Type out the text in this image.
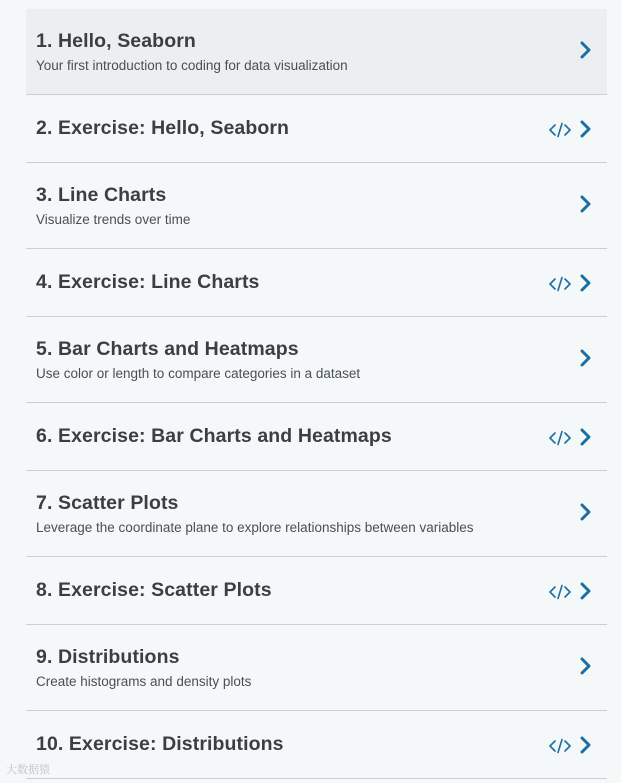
1. Hello, Seaborn
Your first introduction to coding for data visualization
2. Exercise: Hello, Seaborn
3. Line Charts
Visualize trends over time
4. Exercise: Line Charts
5. Bar Charts and Heatmaps
Use color or length to compare categories in a dataset
6. Exercise: Bar Charts and Heatmaps
7. Scatter Plots
Leverage the coordinate plane to explore relationships between variables
8. Exercise: Scatter Plots
9. Distributions
Create histograms and density plots
10. Exercise: Distributions
大数据猿
